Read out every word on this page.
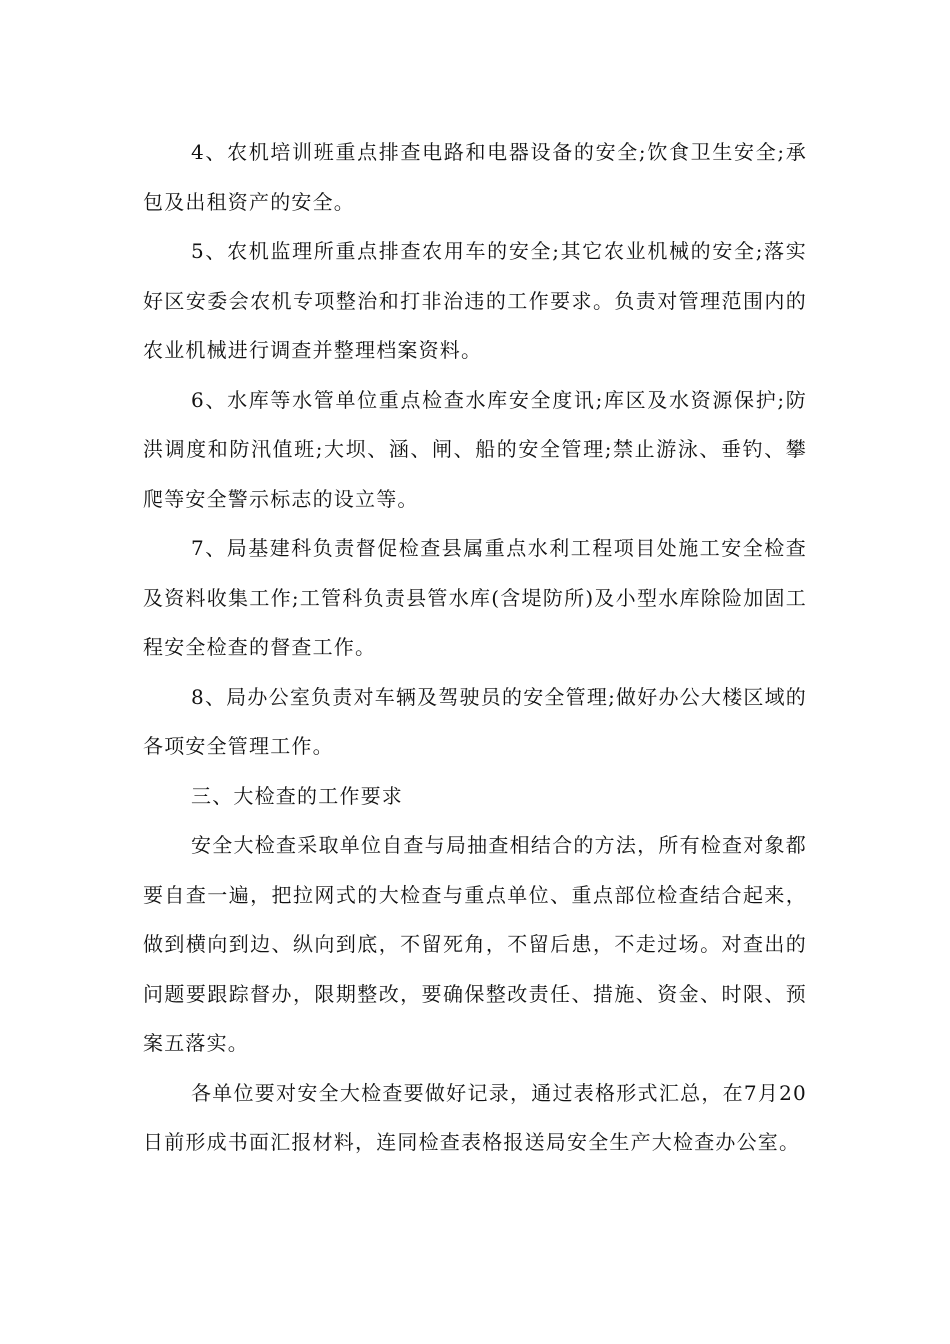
4、农机培训班重点排查电路和电器设备的安全;饮食卫生安全;承包及出租资产的安全。

5、农机监理所重点排查农用车的安全;其它农业机械的安全;落实好区安委会农机专项整治和打非治违的工作要求。负责对管理范围内的农业机械进行调查并整理档案资料。

6、水库等水管单位重点检查水库安全度讯;库区及水资源保护;防洪调度和防汛值班;大坝、涵、闸、船的安全管理;禁止游泳、垂钓、攀爬等安全警示标志的设立等。

7、局基建科负责督促检查县属重点水利工程项目处施工安全检查及资料收集工作;工管科负责县管水库(含堤防所)及小型水库除险加固工程安全检查的督查工作。

8、局办公室负责对车辆及驾驶员的安全管理;做好办公大楼区域的各项安全管理工作。

三、大检查的工作要求

安全大检查采取单位自查与局抽查相结合的方法，所有检查对象都要自查一遍，把拉网式的大检查与重点单位、重点部位检查结合起来，做到横向到边、纵向到底，不留死角，不留后患，不走过场。对查出的问题要跟踪督办，限期整改，要确保整改责任、措施、资金、时限、预案五落实。

各单位要对安全大检查要做好记录，通过表格形式汇总，在7月20日前形成书面汇报材料，连同检查表格报送局安全生产大检查办公室。
